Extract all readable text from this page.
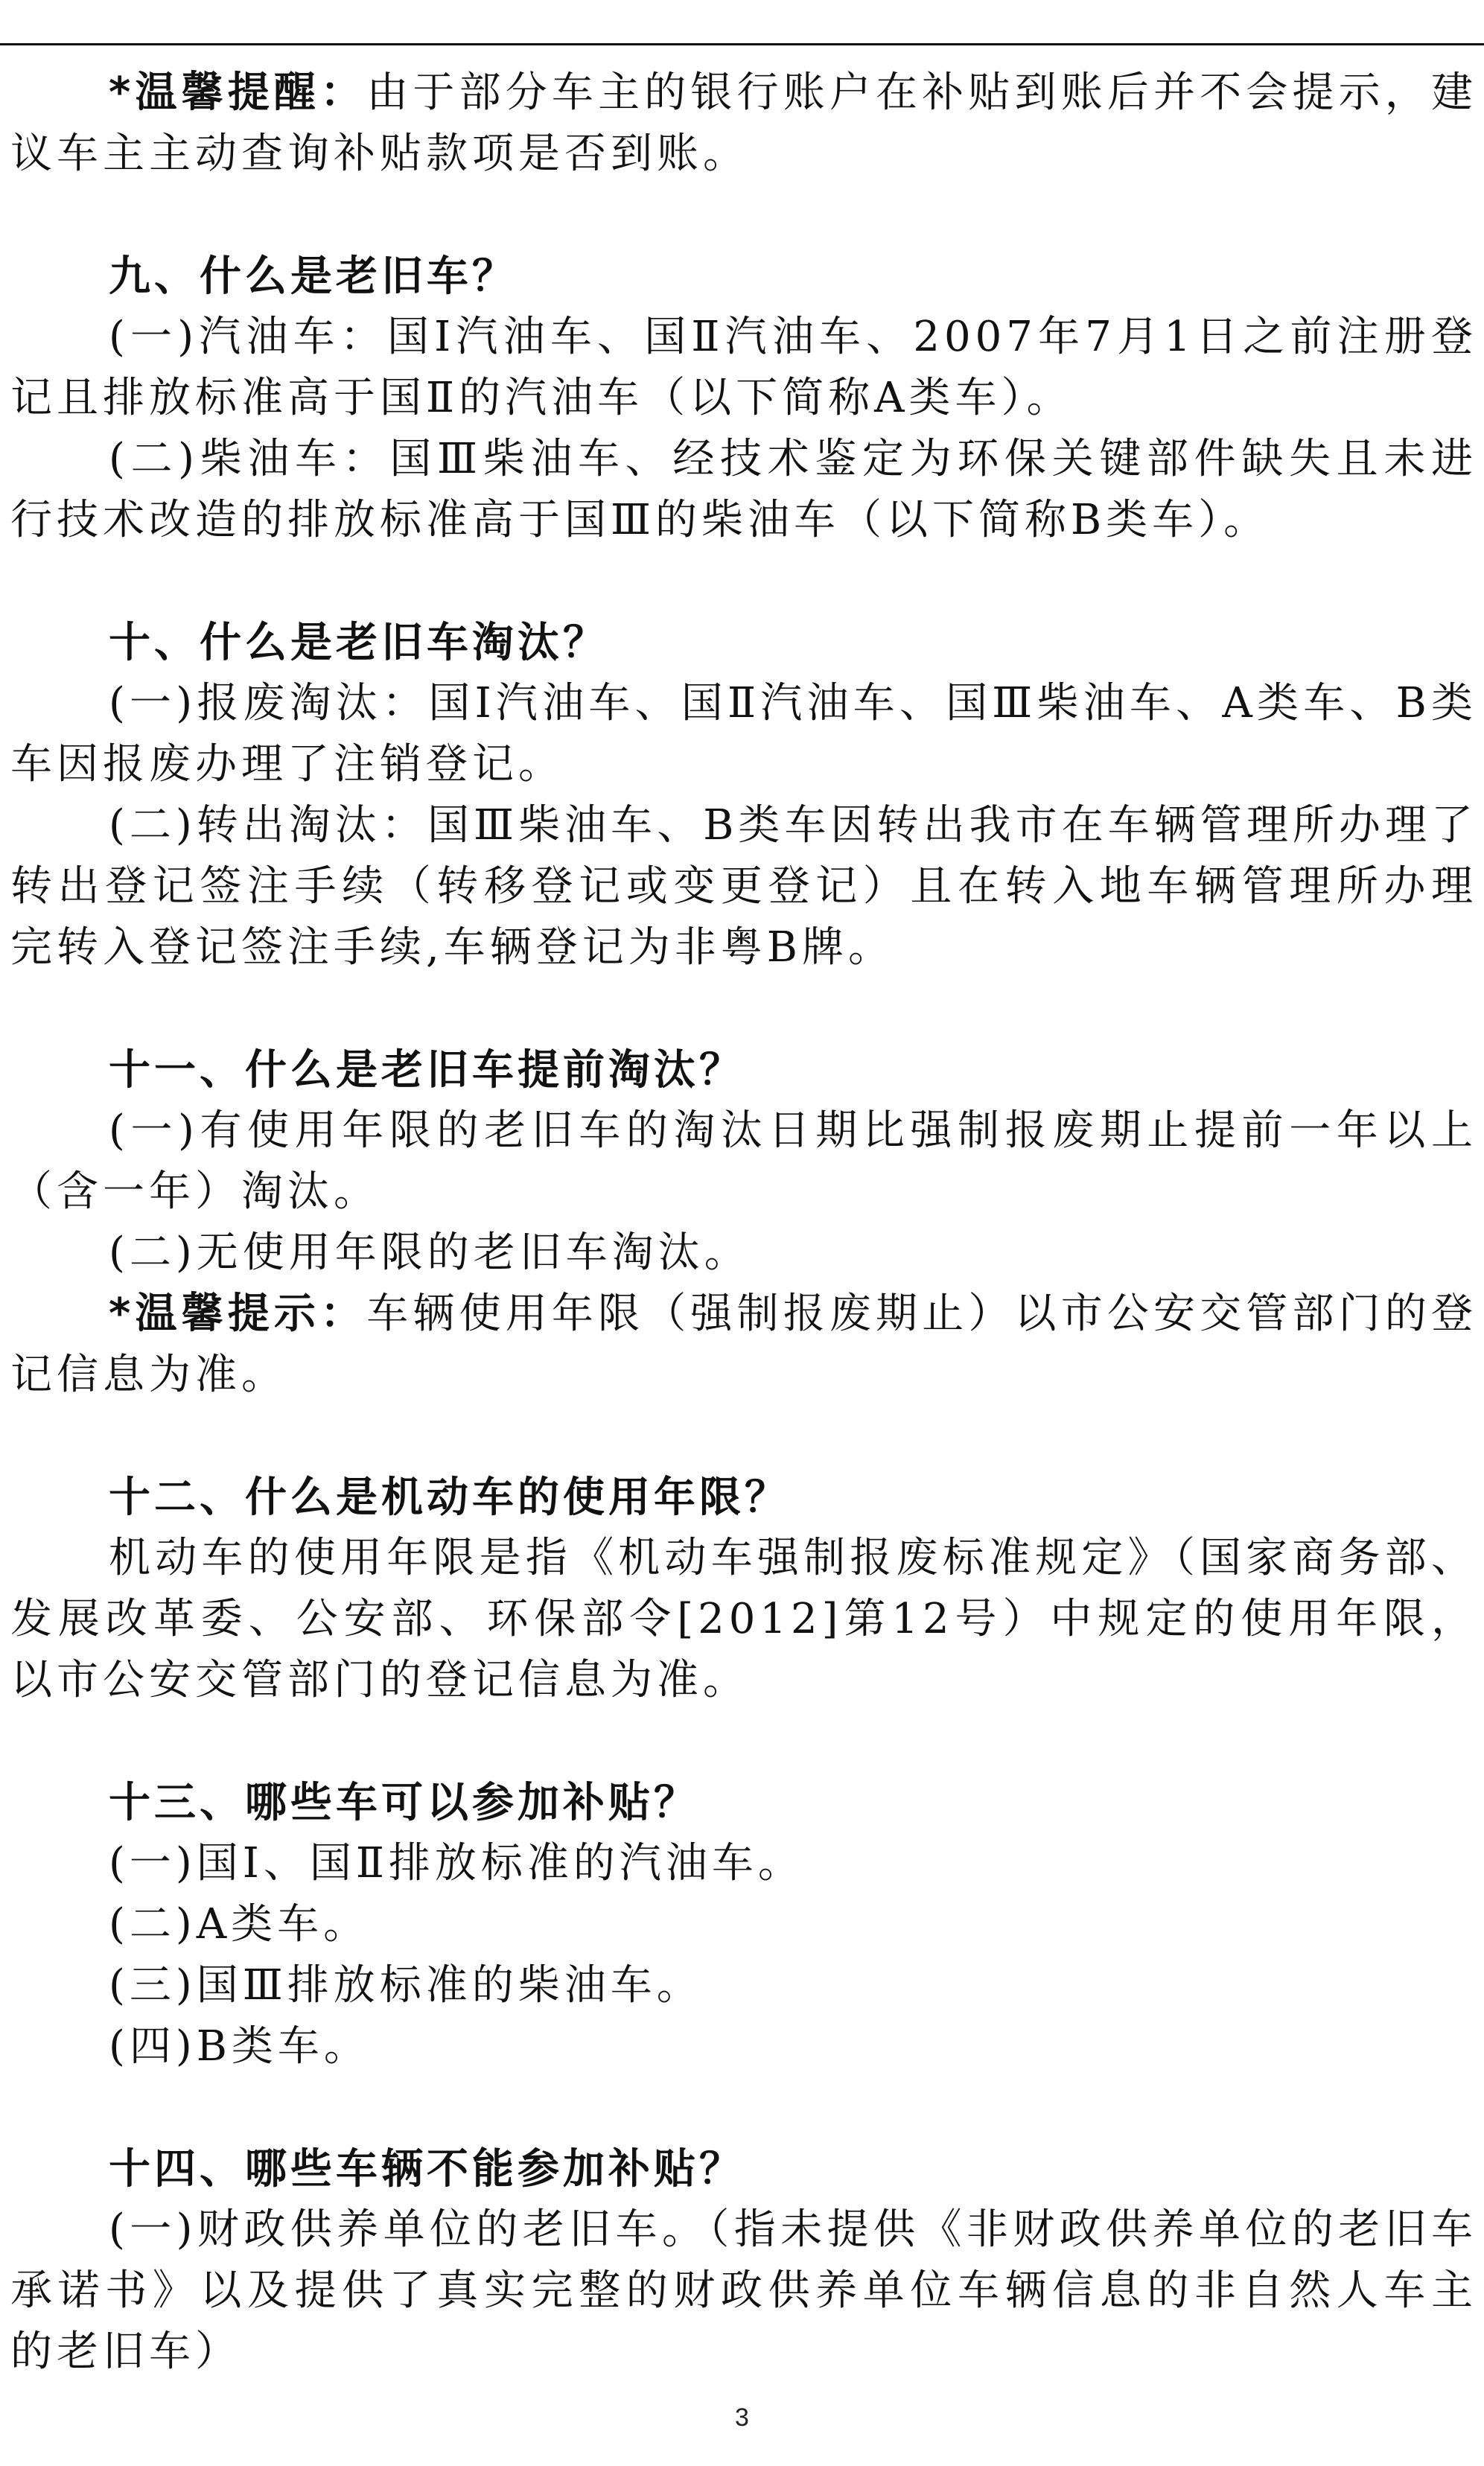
*温馨提醒：由于部分车主的银行账户在补贴到账后并不会提示，建议车主主动查询补贴款项是否到账。

九、什么是老旧车？

(一)汽油车：国Ⅰ汽油车、国Ⅱ汽油车、2007年7月1日之前注册登记且排放标准高于国Ⅱ的汽油车（以下简称A类车）。

(二)柴油车：国Ⅲ柴油车、经技术鉴定为环保关键部件缺失且未进行技术改造的排放标准高于国Ⅲ的柴油车（以下简称B类车）。

十、什么是老旧车淘汰？

(一)报废淘汰：国Ⅰ汽油车、国Ⅱ汽油车、国Ⅲ柴油车、A类车、B类车因报废办理了注销登记。

(二)转出淘汰：国Ⅲ柴油车、B类车因转出我市在车辆管理所办理了转出登记签注手续（转移登记或变更登记）且在转入地车辆管理所办理完转入登记签注手续,车辆登记为非粤B牌。

十一、什么是老旧车提前淘汰？

(一)有使用年限的老旧车的淘汰日期比强制报废期止提前一年以上（含一年）淘汰。

(二)无使用年限的老旧车淘汰。

*温馨提示：车辆使用年限（强制报废期止）以市公安交管部门的登记信息为准。

十二、什么是机动车的使用年限？

机动车的使用年限是指《机动车强制报废标准规定》（国家商务部、发展改革委、公安部、环保部令[2012]第12号）中规定的使用年限，以市公安交管部门的登记信息为准。

十三、哪些车可以参加补贴？

(一)国Ⅰ、国Ⅱ排放标准的汽油车。

(二)A类车。

(三)国Ⅲ排放标准的柴油车。

(四)B类车。

十四、哪些车辆不能参加补贴？

(一)财政供养单位的老旧车。（指未提供《非财政供养单位的老旧车承诺书》以及提供了真实完整的财政供养单位车辆信息的非自然人车主的老旧车）

3
